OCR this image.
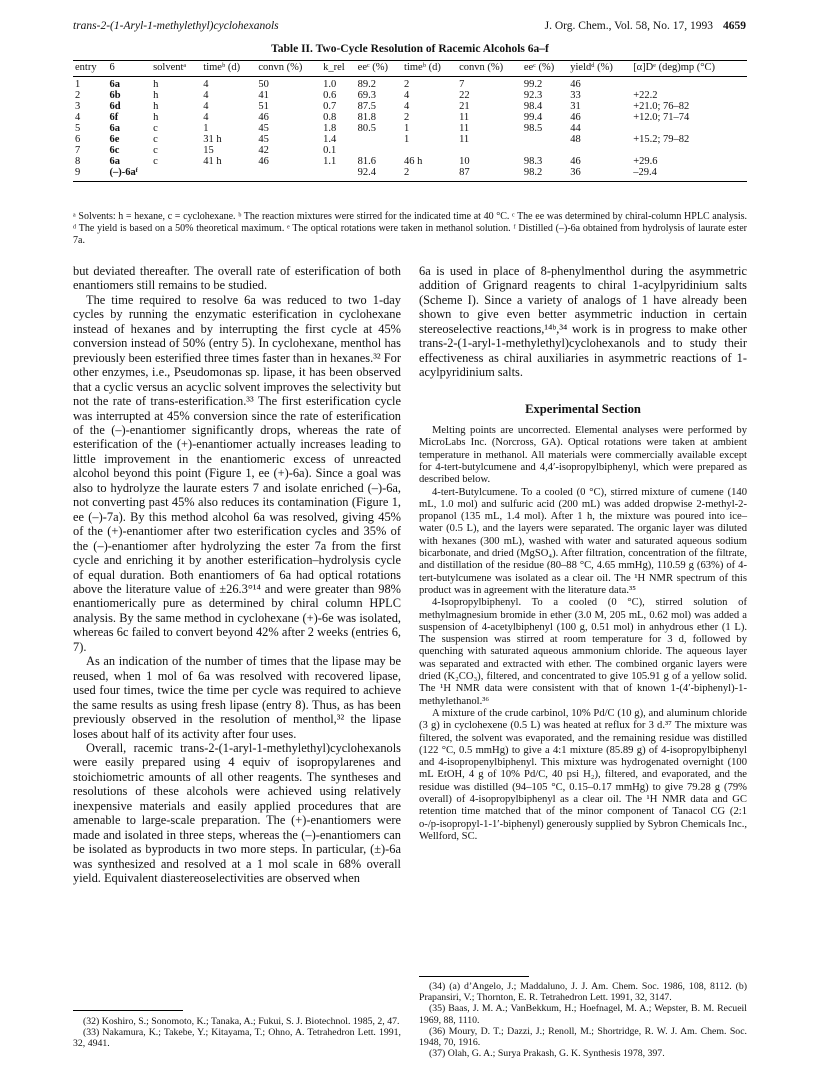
trans-2-(1-Aryl-1-methylethyl)cyclohexanols	J. Org. Chem., Vol. 58, No. 17, 1993 4659
Table II. Two-Cycle Resolution of Racemic Alcohols 6a–f
entry	6	solventᵃ	timeᵇ (d)	convn (%)	k_rel	eeᶜ (%)	timeᵇ (d)	convn (%)	eeᶜ (%)	yieldᵈ (%)	[α]Dᵉ (deg)mp (°C)
1	6a	h	4	50	1.0	89.2	2	7	99.2	46	
2	6b	h	4	41	0.6	69.3	4	22	92.3	33	+22.2
3	6d	h	4	51	0.7	87.5	4	21	98.4	31	+21.0; 76–82
4	6f	h	4	46	0.8	81.8	2	11	99.4	46	+12.0; 71–74
5	6a	c	1	45	1.8	80.5	1	11	98.5	44	
6	6e	c	31 h	45	1.4		1	11		48	+15.2; 79–82
7	6c	c	15	42	0.1						
8	6a	c	41 h	46	1.1	81.6	46 h	10	98.3	46	+29.6
9	(–)-6aᶠ					92.4	2	87	98.2	36	–29.4
ᵃ Solvents: h = hexane, c = cyclohexane. ᵇ The reaction mixtures were stirred for the indicated time at 40 °C. ᶜ The ee was determined by chiral-column HPLC analysis. ᵈ The yield is based on a 50% theoretical maximum. ᵉ The optical rotations were taken in methanol solution. ᶠ Distilled (–)-6a obtained from hydrolysis of laurate ester 7a.

but deviated thereafter. The overall rate of esterification of both enantiomers still remains to be studied.

The time required to resolve 6a was reduced to two 1-day cycles by running the enzymatic esterification in cyclohexane instead of hexanes and by interrupting the first cycle at 45% conversion instead of 50% (entry 5). In cyclohexane, menthol has previously been esterified three times faster than in hexanes.³² For other enzymes, i.e., Pseudomonas sp. lipase, it has been observed that a cyclic versus an acyclic solvent improves the selectivity but not the rate of trans-esterification.³³ The first esterification cycle was interrupted at 45% conversion since the rate of esterification of the (–)-enantiomer significantly drops, whereas the rate of esterification of the (+)-enantiomer actually increases leading to little improvement in the enantiomeric excess of unreacted alcohol beyond this point (Figure 1, ee (+)-6a). Since a goal was also to hydrolyze the laurate esters 7 and isolate enriched (–)-6a, not converting past 45% also reduces its contamination (Figure 1, ee (–)-7a). By this method alcohol 6a was resolved, giving 45% of the (+)-enantiomer after two esterification cycles and 35% of the (–)-enantiomer after hydrolyzing the ester 7a from the first cycle and enriching it by another esterification–hydrolysis cycle of equal duration. Both enantiomers of 6a had optical rotations above the literature value of ±26.3°¹⁴ and were greater than 98% enantiomerically pure as determined by chiral column HPLC analysis. By the same method in cyclohexane (+)-6e was isolated, whereas 6c failed to convert beyond 42% after 2 weeks (entries 6, 7).

As an indication of the number of times that the lipase may be reused, when 1 mol of 6a was resolved with recovered lipase, used four times, twice the time per cycle was required to achieve the same results as using fresh lipase (entry 8). Thus, as has been previously observed in the resolution of menthol,³² the lipase loses about half of its activity after four uses.

Overall, racemic trans-2-(1-aryl-1-methylethyl)cyclohexanols were easily prepared using 4 equiv of isopropylarenes and stoichiometric amounts of all other reagents. The syntheses and resolutions of these alcohols were achieved using relatively inexpensive materials and easily applied procedures that are amenable to large-scale preparation. The (+)-enantiomers were made and isolated in three steps, whereas the (–)-enantiomers can be isolated as byproducts in two more steps. In particular, (±)-6a was synthesized and resolved at a 1 mol scale in 68% overall yield. Equivalent diastereoselectivities are observed when

(32) Koshiro, S.; Sonomoto, K.; Tanaka, A.; Fukui, S. J. Biotechnol. 1985, 2, 47.

(33) Nakamura, K.; Takebe, Y.; Kitayama, T.; Ohno, A. Tetrahedron Lett. 1991, 32, 4941.

6a is used in place of 8-phenylmenthol during the asymmetric addition of Grignard reagents to chiral 1-acylpyridinium salts (Scheme I). Since a variety of analogs of 1 have already been shown to give even better asymmetric induction in certain stereoselective reactions,¹⁴ᵇ,³⁴ work is in progress to make other trans-2-(1-aryl-1-methylethyl)cyclohexanols and to study their effectiveness as chiral auxiliaries in asymmetric reactions of 1-acylpyridinium salts.

Experimental Section

Melting points are uncorrected. Elemental analyses were performed by MicroLabs Inc. (Norcross, GA). Optical rotations were taken at ambient temperature in methanol. All materials were commercially available except for 4-tert-butylcumene and 4,4′-isopropylbiphenyl, which were prepared as described below.

4-tert-Butylcumene. To a cooled (0 °C), stirred mixture of cumene (140 mL, 1.0 mol) and sulfuric acid (200 mL) was added dropwise 2-methyl-2-propanol (135 mL, 1.4 mol). After 1 h, the mixture was poured into ice–water (0.5 L), and the layers were separated. The organic layer was diluted with hexanes (300 mL), washed with water and saturated aqueous sodium bicarbonate, and dried (MgSO₄). After filtration, concentration of the filtrate, and distillation of the residue (80–88 °C, 4.65 mmHg), 110.59 g (63%) of 4-tert-butylcumene was isolated as a clear oil. The ¹H NMR spectrum of this product was in agreement with the literature data.³⁵

4-Isopropylbiphenyl. To a cooled (0 °C), stirred solution of methylmagnesium bromide in ether (3.0 M, 205 mL, 0.62 mol) was added a suspension of 4-acetylbiphenyl (100 g, 0.51 mol) in anhydrous ether (1 L). The suspension was stirred at room temperature for 3 d, followed by quenching with saturated aqueous ammonium chloride. The aqueous layer was separated and extracted with ether. The combined organic layers were dried (K₂CO₃), filtered, and concentrated to give 105.91 g of a yellow solid. The ¹H NMR data were consistent with that of known 1-(4′-biphenyl)-1-methylethanol.³⁶

A mixture of the crude carbinol, 10% Pd/C (10 g), and aluminum chloride (3 g) in cyclohexene (0.5 L) was heated at reflux for 3 d.³⁷ The mixture was filtered, the solvent was evaporated, and the remaining residue was distilled (122 °C, 0.5 mmHg) to give a 4:1 mixture (85.89 g) of 4-isopropylbiphenyl and 4-isopropenylbiphenyl. This mixture was hydrogenated overnight (100 mL EtOH, 4 g of 10% Pd/C, 40 psi H₂), filtered, and evaporated, and the residue was distilled (94–105 °C, 0.15–0.17 mmHg) to give 79.28 g (79% overall) of 4-isopropylbiphenyl as a clear oil. The ¹H NMR data and GC retention time matched that of the minor component of Tanacol CG (2:1 o-/p-isopropyl-1-1′-biphenyl) generously supplied by Sybron Chemicals Inc., Wellford, SC.

(34) (a) d’Angelo, J.; Maddaluno, J. J. Am. Chem. Soc. 1986, 108, 8112. (b) Prapansiri, V.; Thornton, E. R. Tetrahedron Lett. 1991, 32, 3147.

(35) Baas, J. M. A.; VanBekkum, H.; Hoefnagel, M. A.; Wepster, B. M. Recueil 1969, 88, 1110.

(36) Moury, D. T.; Dazzi, J.; Renoll, M.; Shortridge, R. W. J. Am. Chem. Soc. 1948, 70, 1916.

(37) Olah, G. A.; Surya Prakash, G. K. Synthesis 1978, 397.
